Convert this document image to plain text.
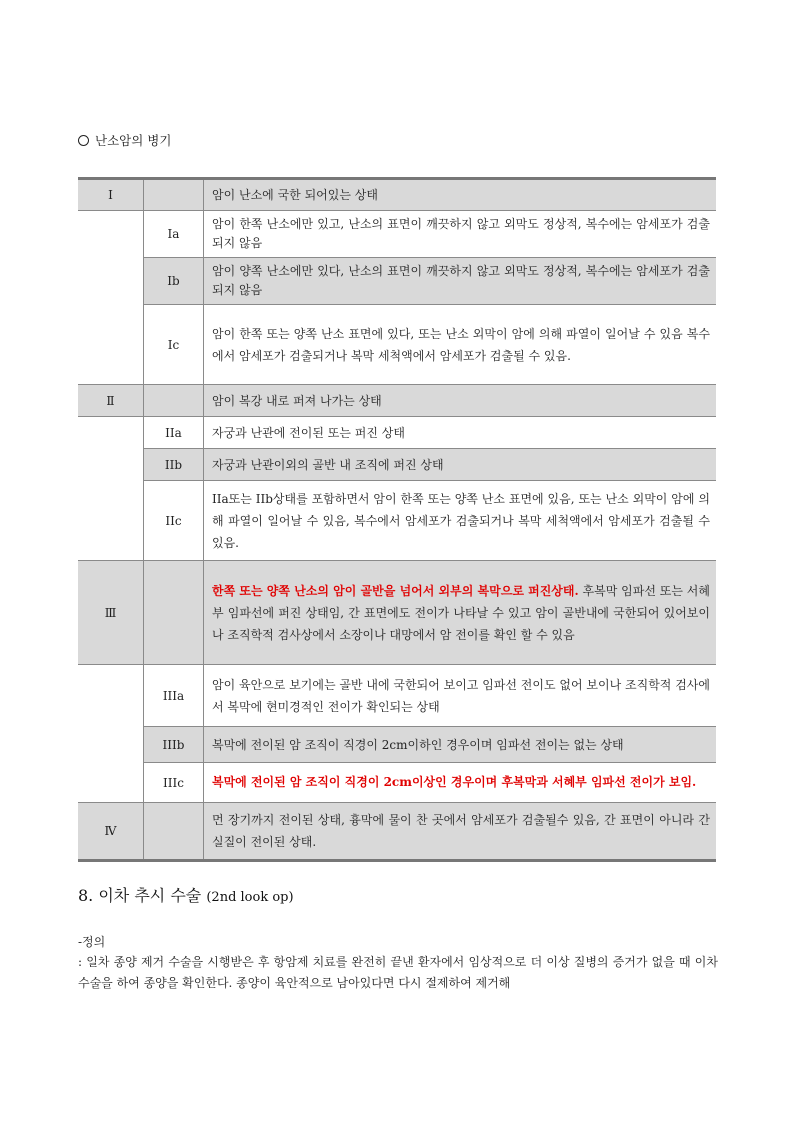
난소암의 병기
I		암이 난소에 국한 되어있는 상태
	Ia	암이 한쪽 난소에만 있고, 난소의 표면이 깨끗하지 않고 외막도 정상적, 복수에는 암세포가 검출되지 않음
	Ib	암이 양쪽 난소에만 있다, 난소의 표면이 깨끗하지 않고 외막도 정상적, 복수에는 암세포가 검출되지 않음
	Ic	암이 한쪽 또는 양쪽 난소 표면에 있다, 또는 난소 외막이 암에 의해 파열이 일어날 수 있음 복수에서 암세포가 검출되거나 복막 세척액에서 암세포가 검출될 수 있음.
Ⅱ		암이 복강 내로 퍼져 나가는 상태
	IIa	자궁과 난관에 전이된 또는 퍼진 상태
	IIb	자궁과 난관이외의 골반 내 조직에 퍼진 상태
	IIc	IIa또는 IIb상태를 포함하면서 암이 한쪽 또는 양쪽 난소 표면에 있음, 또는 난소 외막이 암에 의해 파열이 일어날 수 있음, 복수에서 암세포가 검출되거나 복막 세척액에서 암세포가 검출될 수 있음.
Ⅲ		한쪽 또는 양쪽 난소의 암이 골반을 넘어서 외부의 복막으로 퍼진상태. 후복막 임파선 또는 서혜부 임파선에 퍼진 상태임, 간 표면에도 전이가 나타날 수 있고 암이 골반내에 국한되어 있어보이나 조직학적 검사상에서 소장이나 대망에서 암 전이를 확인 할 수 있음
	IIIa	암이 육안으로 보기에는 골반 내에 국한되어 보이고 임파선 전이도 없어 보이나 조직학적 검사에서 복막에 현미경적인 전이가 확인되는 상태
	IIIb	복막에 전이된 암 조직이 직경이 2cm이하인 경우이며 임파선 전이는 없는 상태
	IIIc	복막에 전이된 암 조직이 직경이 2cm이상인 경우이며 후복막과 서혜부 임파선 전이가 보임.
Ⅳ		먼 장기까지 전이된 상태, 흉막에 물이 찬 곳에서 암세포가 검출될수 있음, 간 표면이 아니라 간 실질이 전이된 상태.
8. 이차 추시 수술 (2nd look op)
-정의
: 일차 종양 제거 수술을 시행받은 후 항암제 치료를 완전히 끝낸 환자에서 임상적으로 더 이상 질병의 증거가 없을 때 이차 수술을 하여 종양을 확인한다. 종양이 육안적으로 남아있다면 다시 절제하여 제거해
